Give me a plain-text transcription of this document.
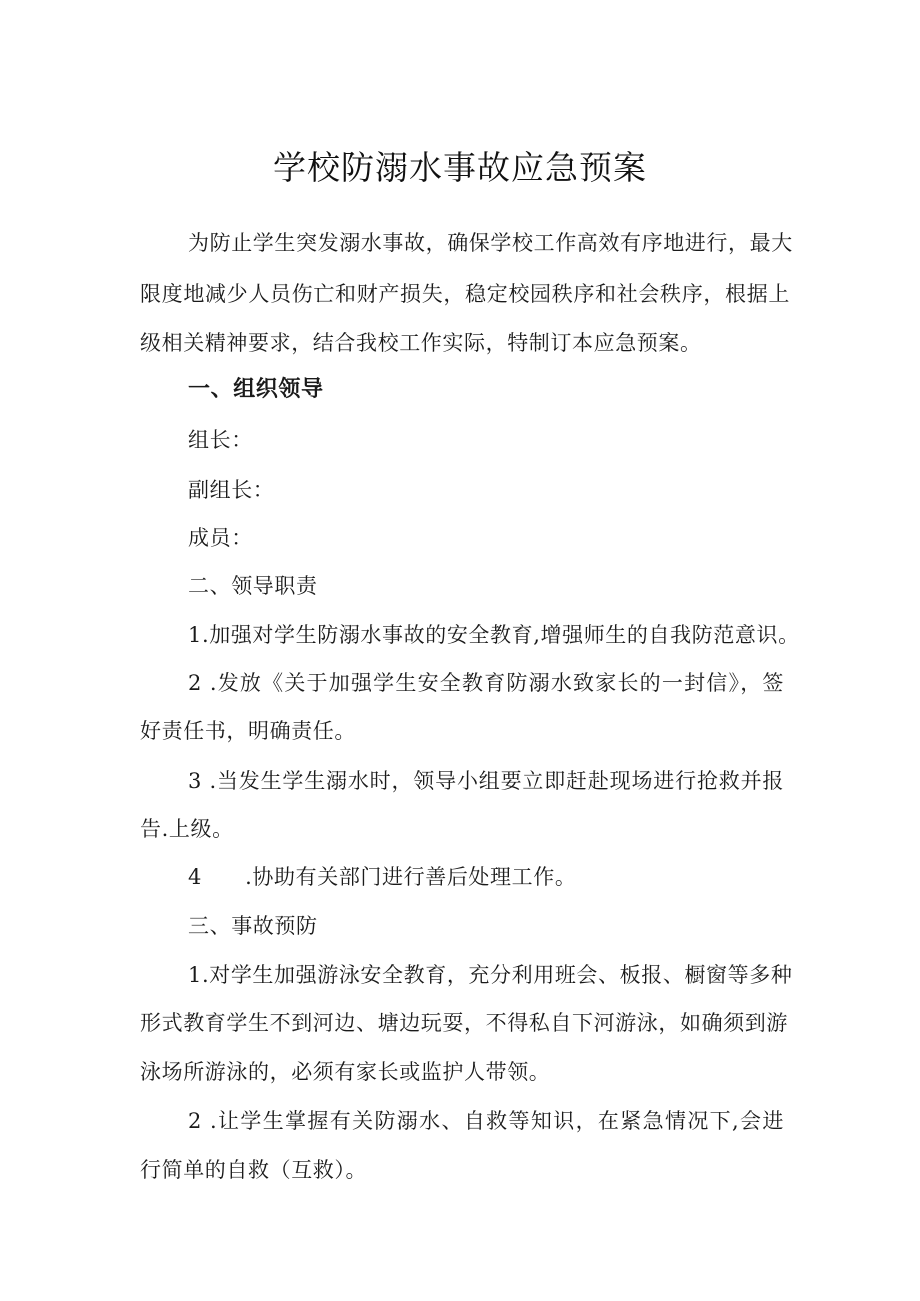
学校防溺水事故应急预案
为防止学生突发溺水事故，确保学校工作高效有序地进行，最大
限度地减少人员伤亡和财产损失，稳定校园秩序和社会秩序，根据上
级相关精神要求，结合我校工作实际，特制订本应急预案。
一、组织领导
组长：
副组长：
成员：
二、领导职责
1.加强对学生防溺水事故的安全教育,增强师生的自我防范意识。
2 .发放《关于加强学生安全教育防溺水致家长的一封信》，签
好责任书，明确责任。
3 .当发生学生溺水时，领导小组要立即赶赴现场进行抢救并报
告.上级。
4　　.协助有关部门进行善后处理工作。
三、事故预防
1.对学生加强游泳安全教育，充分利用班会、板报、橱窗等多种
形式教育学生不到河边、塘边玩耍，不得私自下河游泳，如确须到游
泳场所游泳的，必须有家长或监护人带领。
2 .让学生掌握有关防溺水、自救等知识，在紧急情况下,会进
行简单的自救（互救）。
